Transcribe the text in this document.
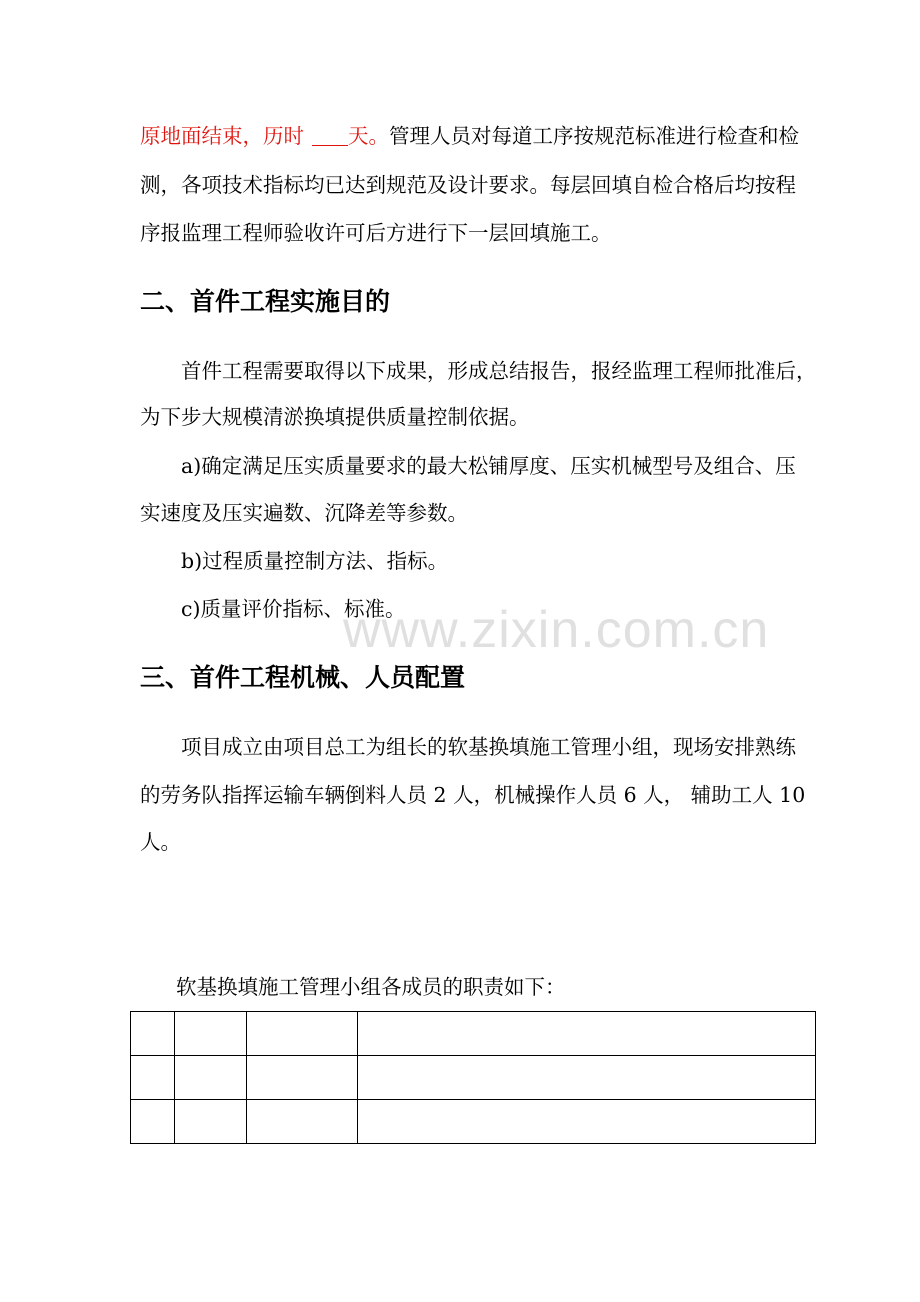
原地面结束，历时 天。管理人员对每道工序按规范标准进行检查和检
测，各项技术指标均已达到规范及设计要求。每层回填自检合格后均按程
序报监理工程师验收许可后方进行下一层回填施工。
二、首件工程实施目的
首件工程需要取得以下成果，形成总结报告，报经监理工程师批准后，
为下步大规模清淤换填提供质量控制依据。
a)确定满足压实质量要求的最大松铺厚度、压实机械型号及组合、压
实速度及压实遍数、沉降差等参数。
b)过程质量控制方法、指标。
c)质量评价指标、标准。
www.zixin.com.cn
三、首件工程机械、人员配置
项目成立由项目总工为组长的软基换填施工管理小组，现场安排熟练
的劳务队指挥运输车辆倒料人员 2 人，机械操作人员 6 人， 辅助工人 10
人。
软基换填施工管理小组各成员的职责如下：
